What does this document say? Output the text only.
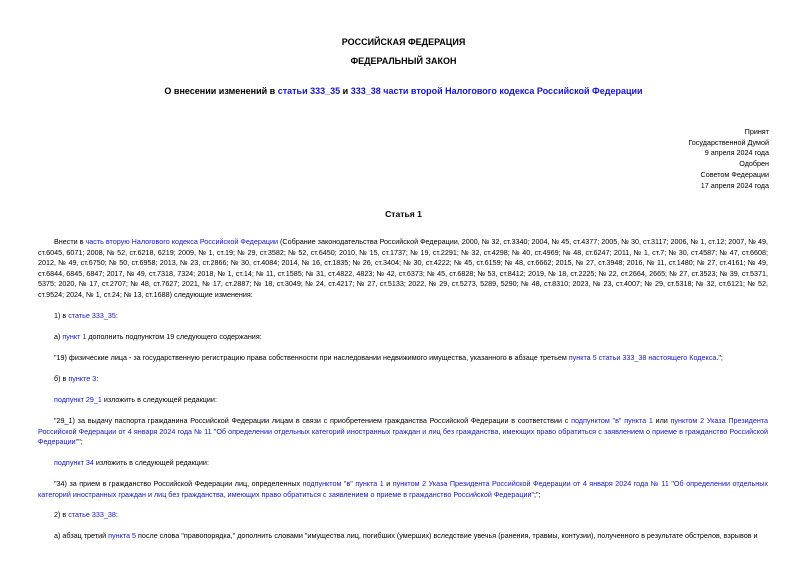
РОССИЙСКАЯ ФЕДЕРАЦИЯ
ФЕДЕРАЛЬНЫЙ ЗАКОН
О внесении изменений в статьи 333_35 и 333_38 части второй Налогового кодекса Российской Федерации
Принят
Государственной Думой
9 апреля 2024 года
Одобрен
Советом Федерации
17 апреля 2024 года
Статья 1
Внести в часть вторую Налогового кодекса Российской Федерации (Собрание законодательства Российской Федерации, 2000, № 32, ст.3340; 2004, № 45, ст.4377; 2005, № 30, ст.3117; 2006, № 1, ст.12; 2007, № 49, ст.6045, 6071; 2008, № 52, ст.6218, 6219; 2009, № 1, ст.19; № 29, ст.3582; № 52, ст.6450; 2010, № 15, ст.1737; № 19, ст.2291; № 32, ст.4298; № 40, ст.4969; № 48, ст.6247; 2011, № 1, ст.7; № 30, ст.4587; № 47, ст.6608; 2012, № 49, ст.6750; № 50, ст.6958; 2013, № 23, ст.2866; № 30, ст.4084; 2014, № 16, ст.1835; № 26, ст.3404; № 30, ст.4222; № 45, ст.6159; № 48, ст.6662; 2015, № 27, ст.3948; 2016, № 11, ст.1480; № 27, ст.4161; № 49, ст.6844, 6845, 6847; 2017, № 49, ст.7318, 7324; 2018, № 1, ст.14; № 11, ст.1585; № 31, ст.4822, 4823; № 42, ст.6373; № 45, ст.6828; № 53, ст.8412; 2019, № 18, ст.2225; № 22, ст.2664, 2665; № 27, ст.3523; № 39, ст.5371, 5375; 2020, № 17, ст.2707; № 48, ст.7627; 2021, № 17, ст.2887; № 18, ст.3049; № 24, ст.4217; № 27, ст.5133; 2022, № 29, ст.5273, 5289, 5290; № 48, ст.8310; 2023, № 23, ст.4007; № 29, ст.5318; № 32, ст.6121; № 52, ст.9524; 2024, № 1, ст.24; № 13, ст.1688) следующие изменения:
1) в статье 333_35:
а) пункт 1 дополнить подпунктом 19 следующего содержания:
"19) физические лица - за государственную регистрацию права собственности при наследовании недвижимого имущества, указанного в абзаце третьем пункта 5 статьи 333_38 настоящего Кодекса.";
б) в пункте 3:
подпункт 29_1 изложить в следующей редакции:
"29_1) за выдачу паспорта гражданина Российской Федерации лицам в связи с приобретением гражданства Российской Федерации в соответствии с подпунктом "в" пункта 1 или пунктом 2 Указа Президента Российской Федерации от 4 января 2024 года № 11 "Об определении отдельных категорий иностранных граждан и лиц без гражданства, имеющих право обратиться с заявлением о приеме в гражданство Российской Федерации"";
подпункт 34 изложить в следующей редакции:
"34) за прием в гражданство Российской Федерации лиц, определенных подпунктом "в" пункта 1 и пунктом 2 Указа Президента Российской Федерации от 4 января 2024 года № 11 "Об определении отдельных категорий иностранных граждан и лиц без гражданства, имеющих право обратиться с заявлением о приеме в гражданство Российской Федерации";";
2) в статье 333_38:
а) абзац третий пункта 5 после слова "правопорядка," дополнить словами "имущества лиц, погибших (умерших) вследствие увечья (ранения, травмы, контузии), полученного в результате обстрелов, взрывов и
